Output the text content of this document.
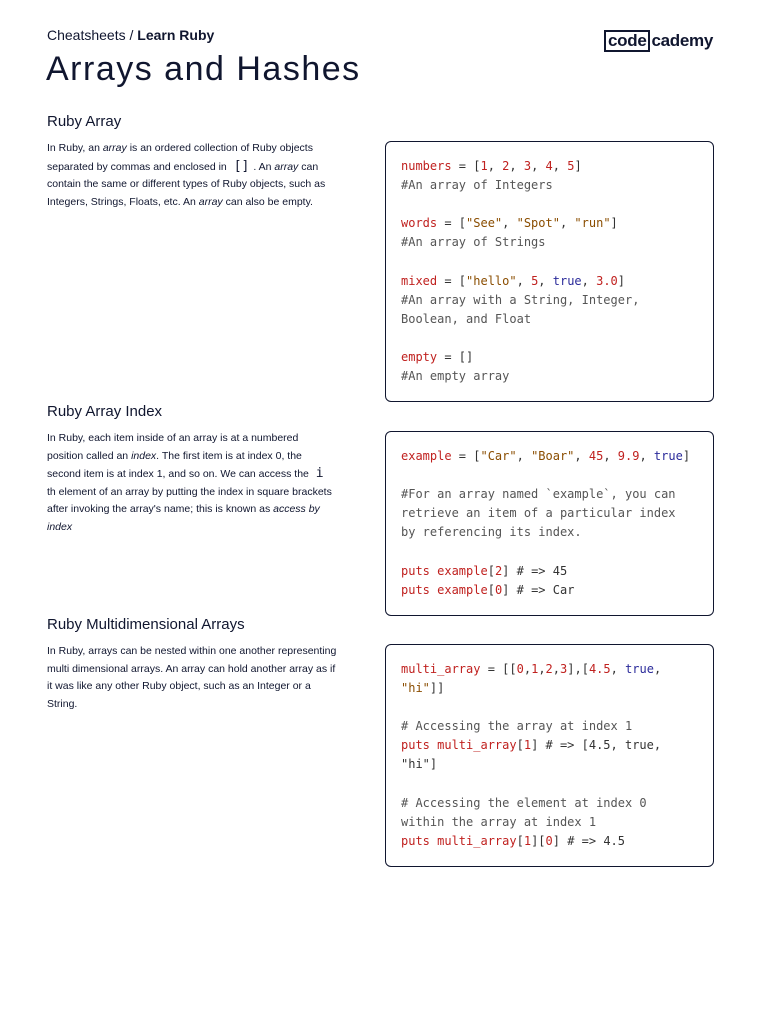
Cheatsheets / Learn Ruby	code cademy
Arrays and Hashes
Ruby Array

In Ruby, an array is an ordered collection of Ruby objects separated by commas and enclosed in [] . An array can contain the same or different types of Ruby objects, such as Integers, Strings, Floats, etc. An array can also be empty.

numbers = [1, 2, 3, 4, 5]
#An array of Integers
words = ["See", "Spot", "run"]
#An array of Strings
mixed = ["hello", 5, true, 3.0]
#An array with a String, Integer,
Boolean, and Float
empty = []
#An empty array
Ruby Array Index

In Ruby, each item inside of an array is at a numbered position called an index. The first item is at index 0, the second item is at index 1, and so on. We can access the i th element of an array by putting the index in square brackets after invoking the array's name; this is known as access by index

example = ["Car", "Boar", 45, 9.9, true]
#For an array named `example`, you can
retrieve an item of a particular index
by referencing its index.
puts example[2] # => 45
puts example[0] # => Car
Ruby Multidimensional Arrays

In Ruby, arrays can be nested within one another representing multi dimensional arrays. An array can hold another array as if it was like any other Ruby object, such as an Integer or a String.

multi_array = [[0,1,2,3],[4.5, true,
"hi"]]
# Accessing the array at index 1
puts multi_array[1] # => [4.5, true,
"hi"]
# Accessing the element at index 0
within the array at index 1
puts multi_array[1][0] # => 4.5
